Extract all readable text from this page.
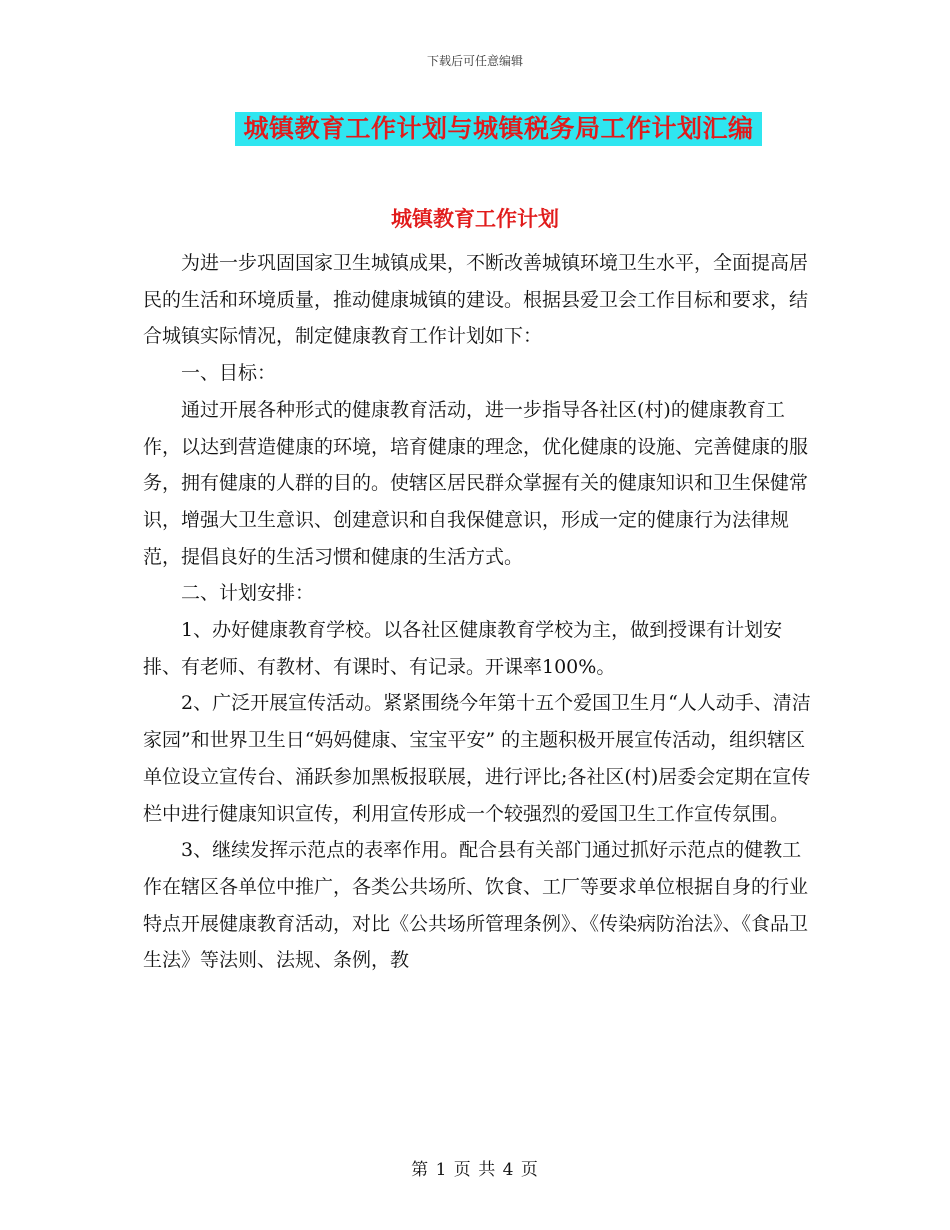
下载后可任意编辑
城镇教育工作计划与城镇税务局工作计划汇编
城镇教育工作计划

为进一步巩固国家卫生城镇成果，不断改善城镇环境卫生水平，全面提高居民的生活和环境质量，推动健康城镇的建设。根据县爱卫会工作目标和要求，结合城镇实际情况，制定健康教育工作计划如下：

一、目标：

通过开展各种形式的健康教育活动，进一步指导各社区(村)的健康教育工作，以达到营造健康的环境，培育健康的理念，优化健康的设施、完善健康的服务，拥有健康的人群的目的。使辖区居民群众掌握有关的健康知识和卫生保健常识，增强大卫生意识、创建意识和自我保健意识，形成一定的健康行为法律规范，提倡良好的生活习惯和健康的生活方式。

二、计划安排：

1、办好健康教育学校。以各社区健康教育学校为主，做到授课有计划安排、有老师、有教材、有课时、有记录。开课率100%。

2、广泛开展宣传活动。紧紧围绕今年第十五个爱国卫生月“人人动手、清洁家园”和世界卫生日“妈妈健康、宝宝平安” 的主题积极开展宣传活动，组织辖区单位设立宣传台、涌跃参加黑板报联展，进行评比;各社区(村)居委会定期在宣传栏中进行健康知识宣传，利用宣传形成一个较强烈的爱国卫生工作宣传氛围。

3、继续发挥示范点的表率作用。配合县有关部门通过抓好示范点的健教工作在辖区各单位中推广，各类公共场所、饮食、工厂等要求单位根据自身的行业特点开展健康教育活动，对比《公共场所管理条例》、《传染病防治法》、《食品卫生法》等法则、法规、条例，教

第 1 页 共 4 页
